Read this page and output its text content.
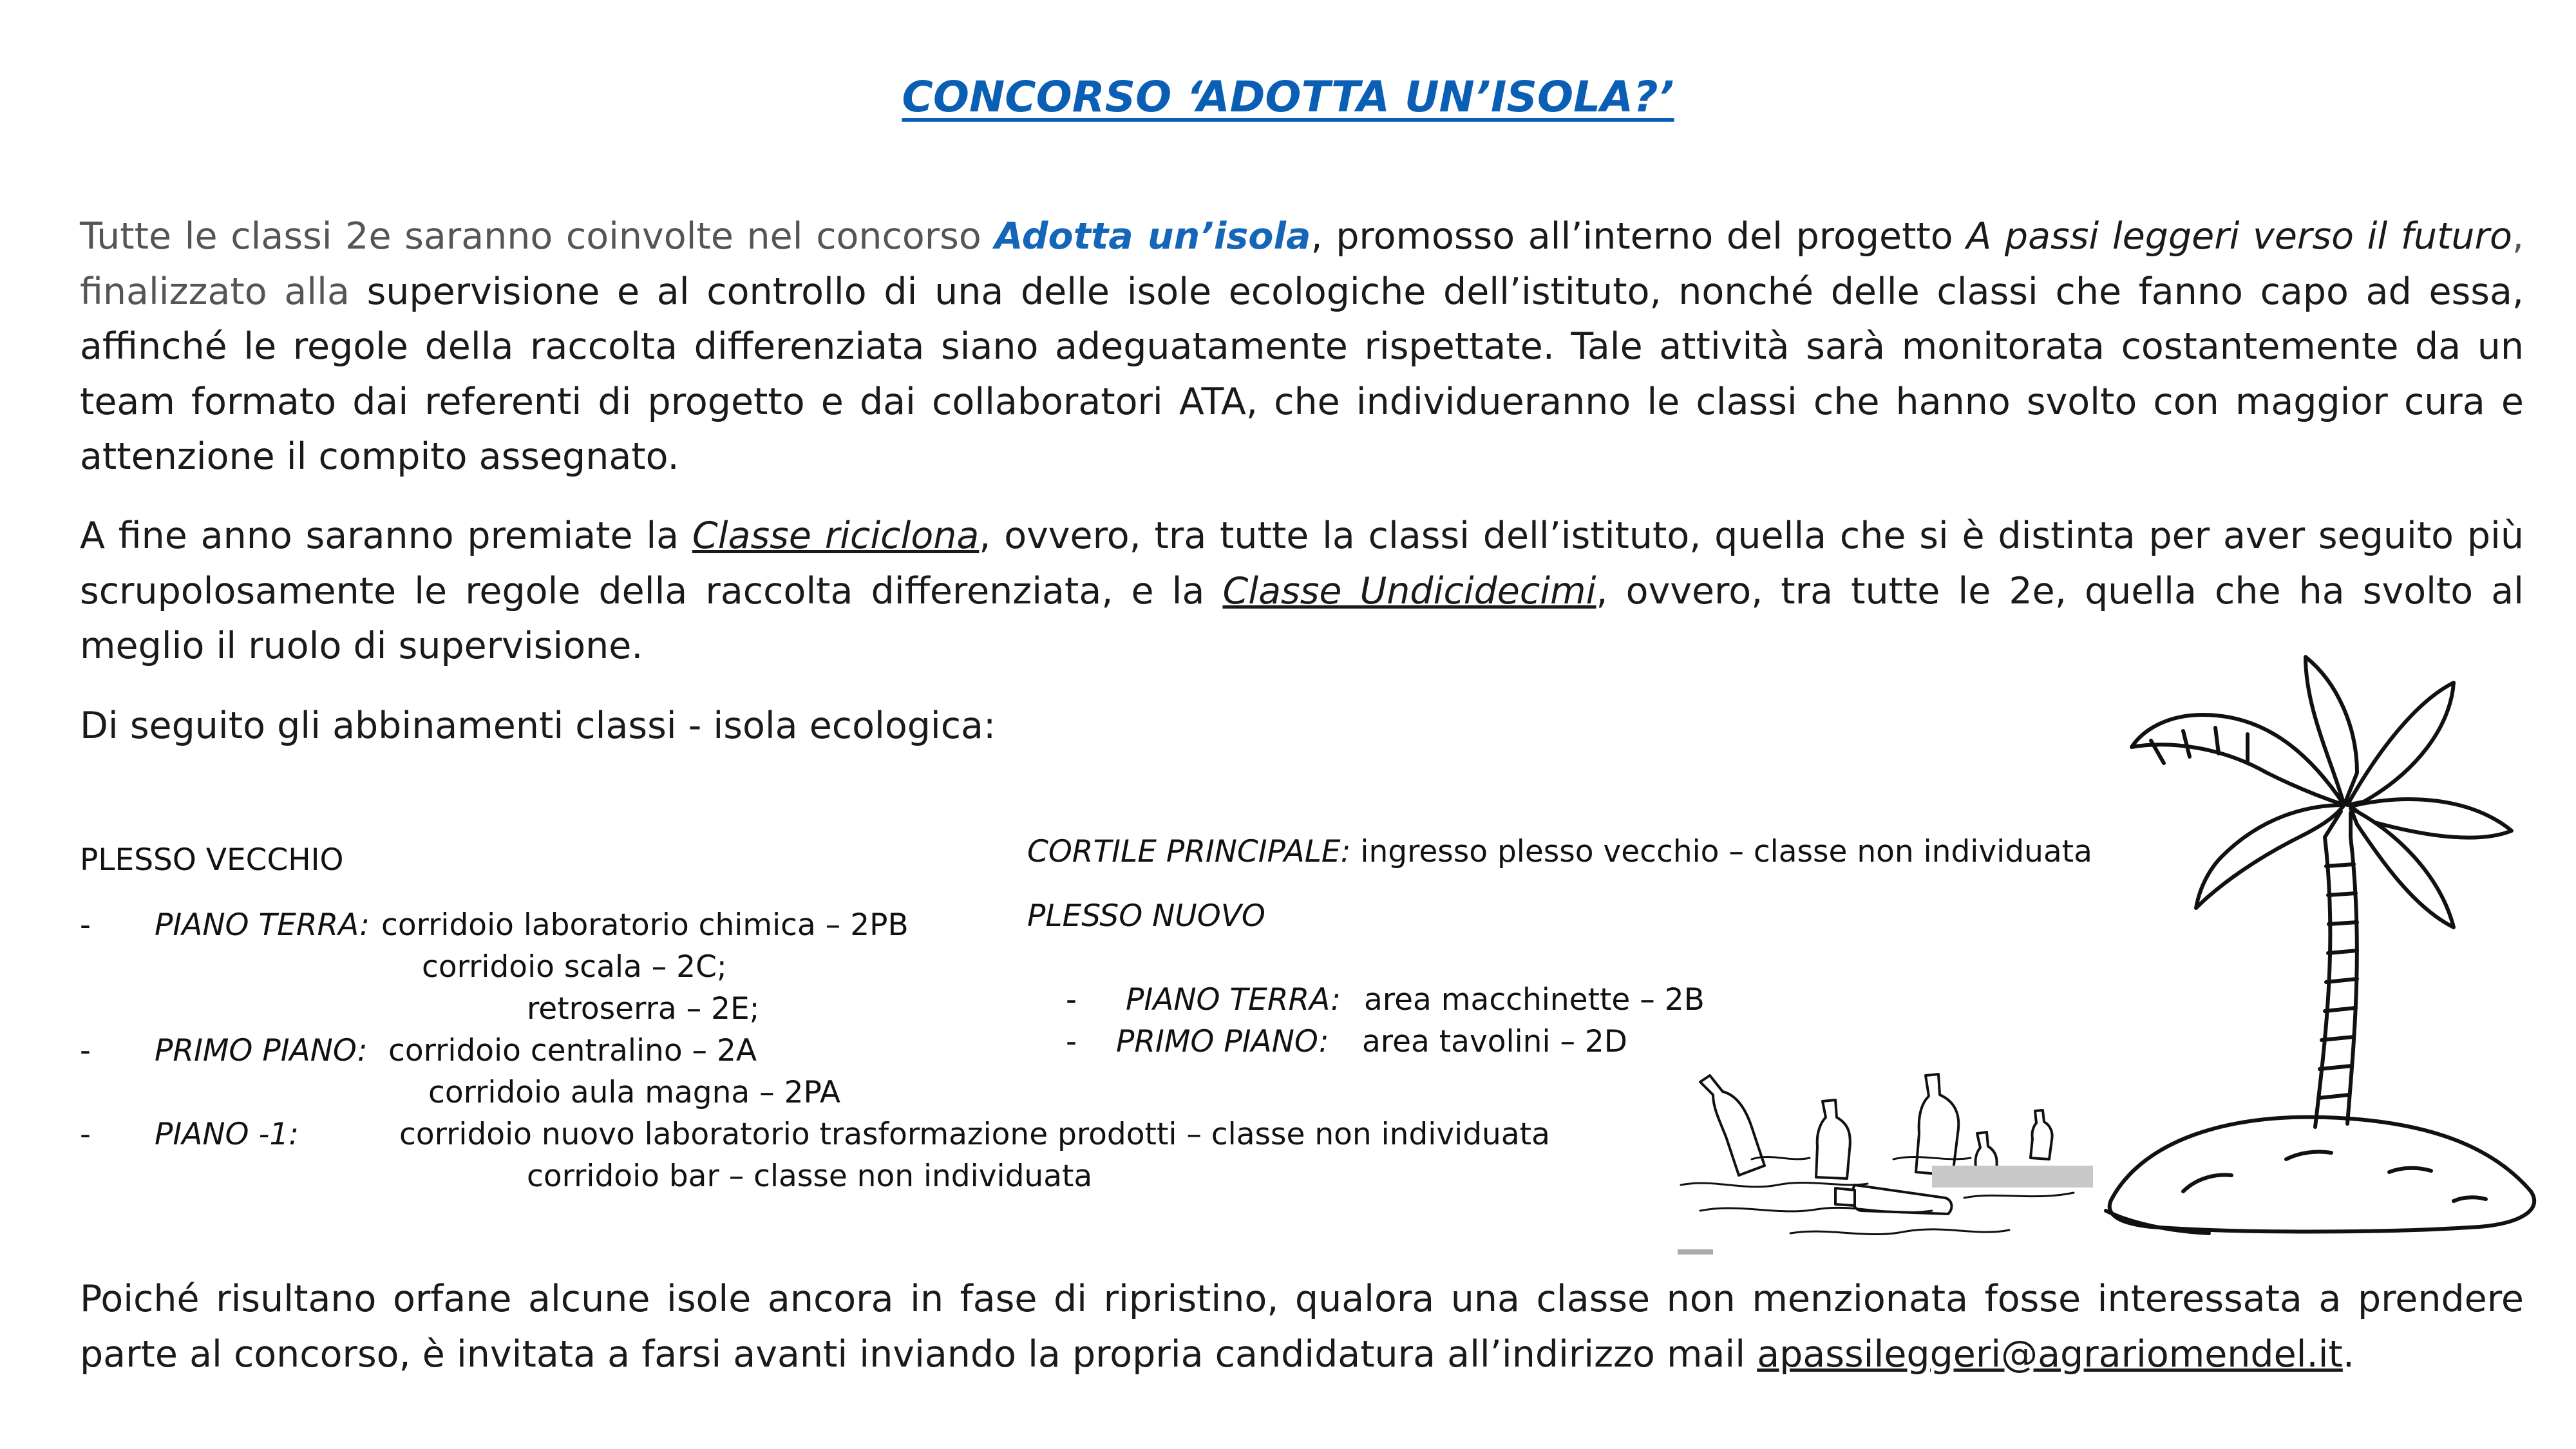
CONCORSO ‘ADOTTA UN’ISOLA?’

Tutte le classi 2e saranno coinvolte nel concorso Adotta un’isola, promosso all’interno del progetto A passi leggeri verso il futuro, finalizzato alla supervisione e al controllo di una delle isole ecologiche dell’istituto, nonché delle classi che fanno capo ad essa, affinché le regole della raccolta differenziata siano adeguatamente rispettate. Tale attività sarà monitorata costantemente da un team formato dai referenti di progetto e dai collaboratori ATA, che individueranno le classi che hanno svolto con maggior cura e attenzione il compito assegnato.

A fine anno saranno premiate la Classe riciclona, ovvero, tra tutte la classi dell’istituto, quella che si è distinta per aver seguito più scrupolosamente le regole della raccolta differenziata, e la Classe Undicidecimi, ovvero, tra tutte le 2e, quella che ha svolto al meglio il ruolo di supervisione.

Di seguito gli abbinamenti classi - isola ecologica:

PLESSO VECCHIO
- PIANO TERRA: corridoio laboratorio chimica – 2PB
corridoio scala – 2C;
retroserra – 2E;
- PRIMO PIANO: corridoio centralino – 2A
corridoio aula magna – 2PA
- PIANO -1:	corridoio nuovo laboratorio trasformazione prodotti – classe non individuata
corridoio bar – classe non individuata
CORTILE PRINCIPALE: ingresso plesso vecchio – classe non individuata
PLESSO NUOVO
- PIANO TERRA: area macchinette – 2B
- PRIMO PIANO: area tavolini – 2D

Poiché risultano orfane alcune isole ancora in fase di ripristino, qualora una classe non menzionata fosse interessata a prendere parte al concorso, è invitata a farsi avanti inviando la propria candidatura all’indirizzo mail apassileggeri@agrariomendel.it.
